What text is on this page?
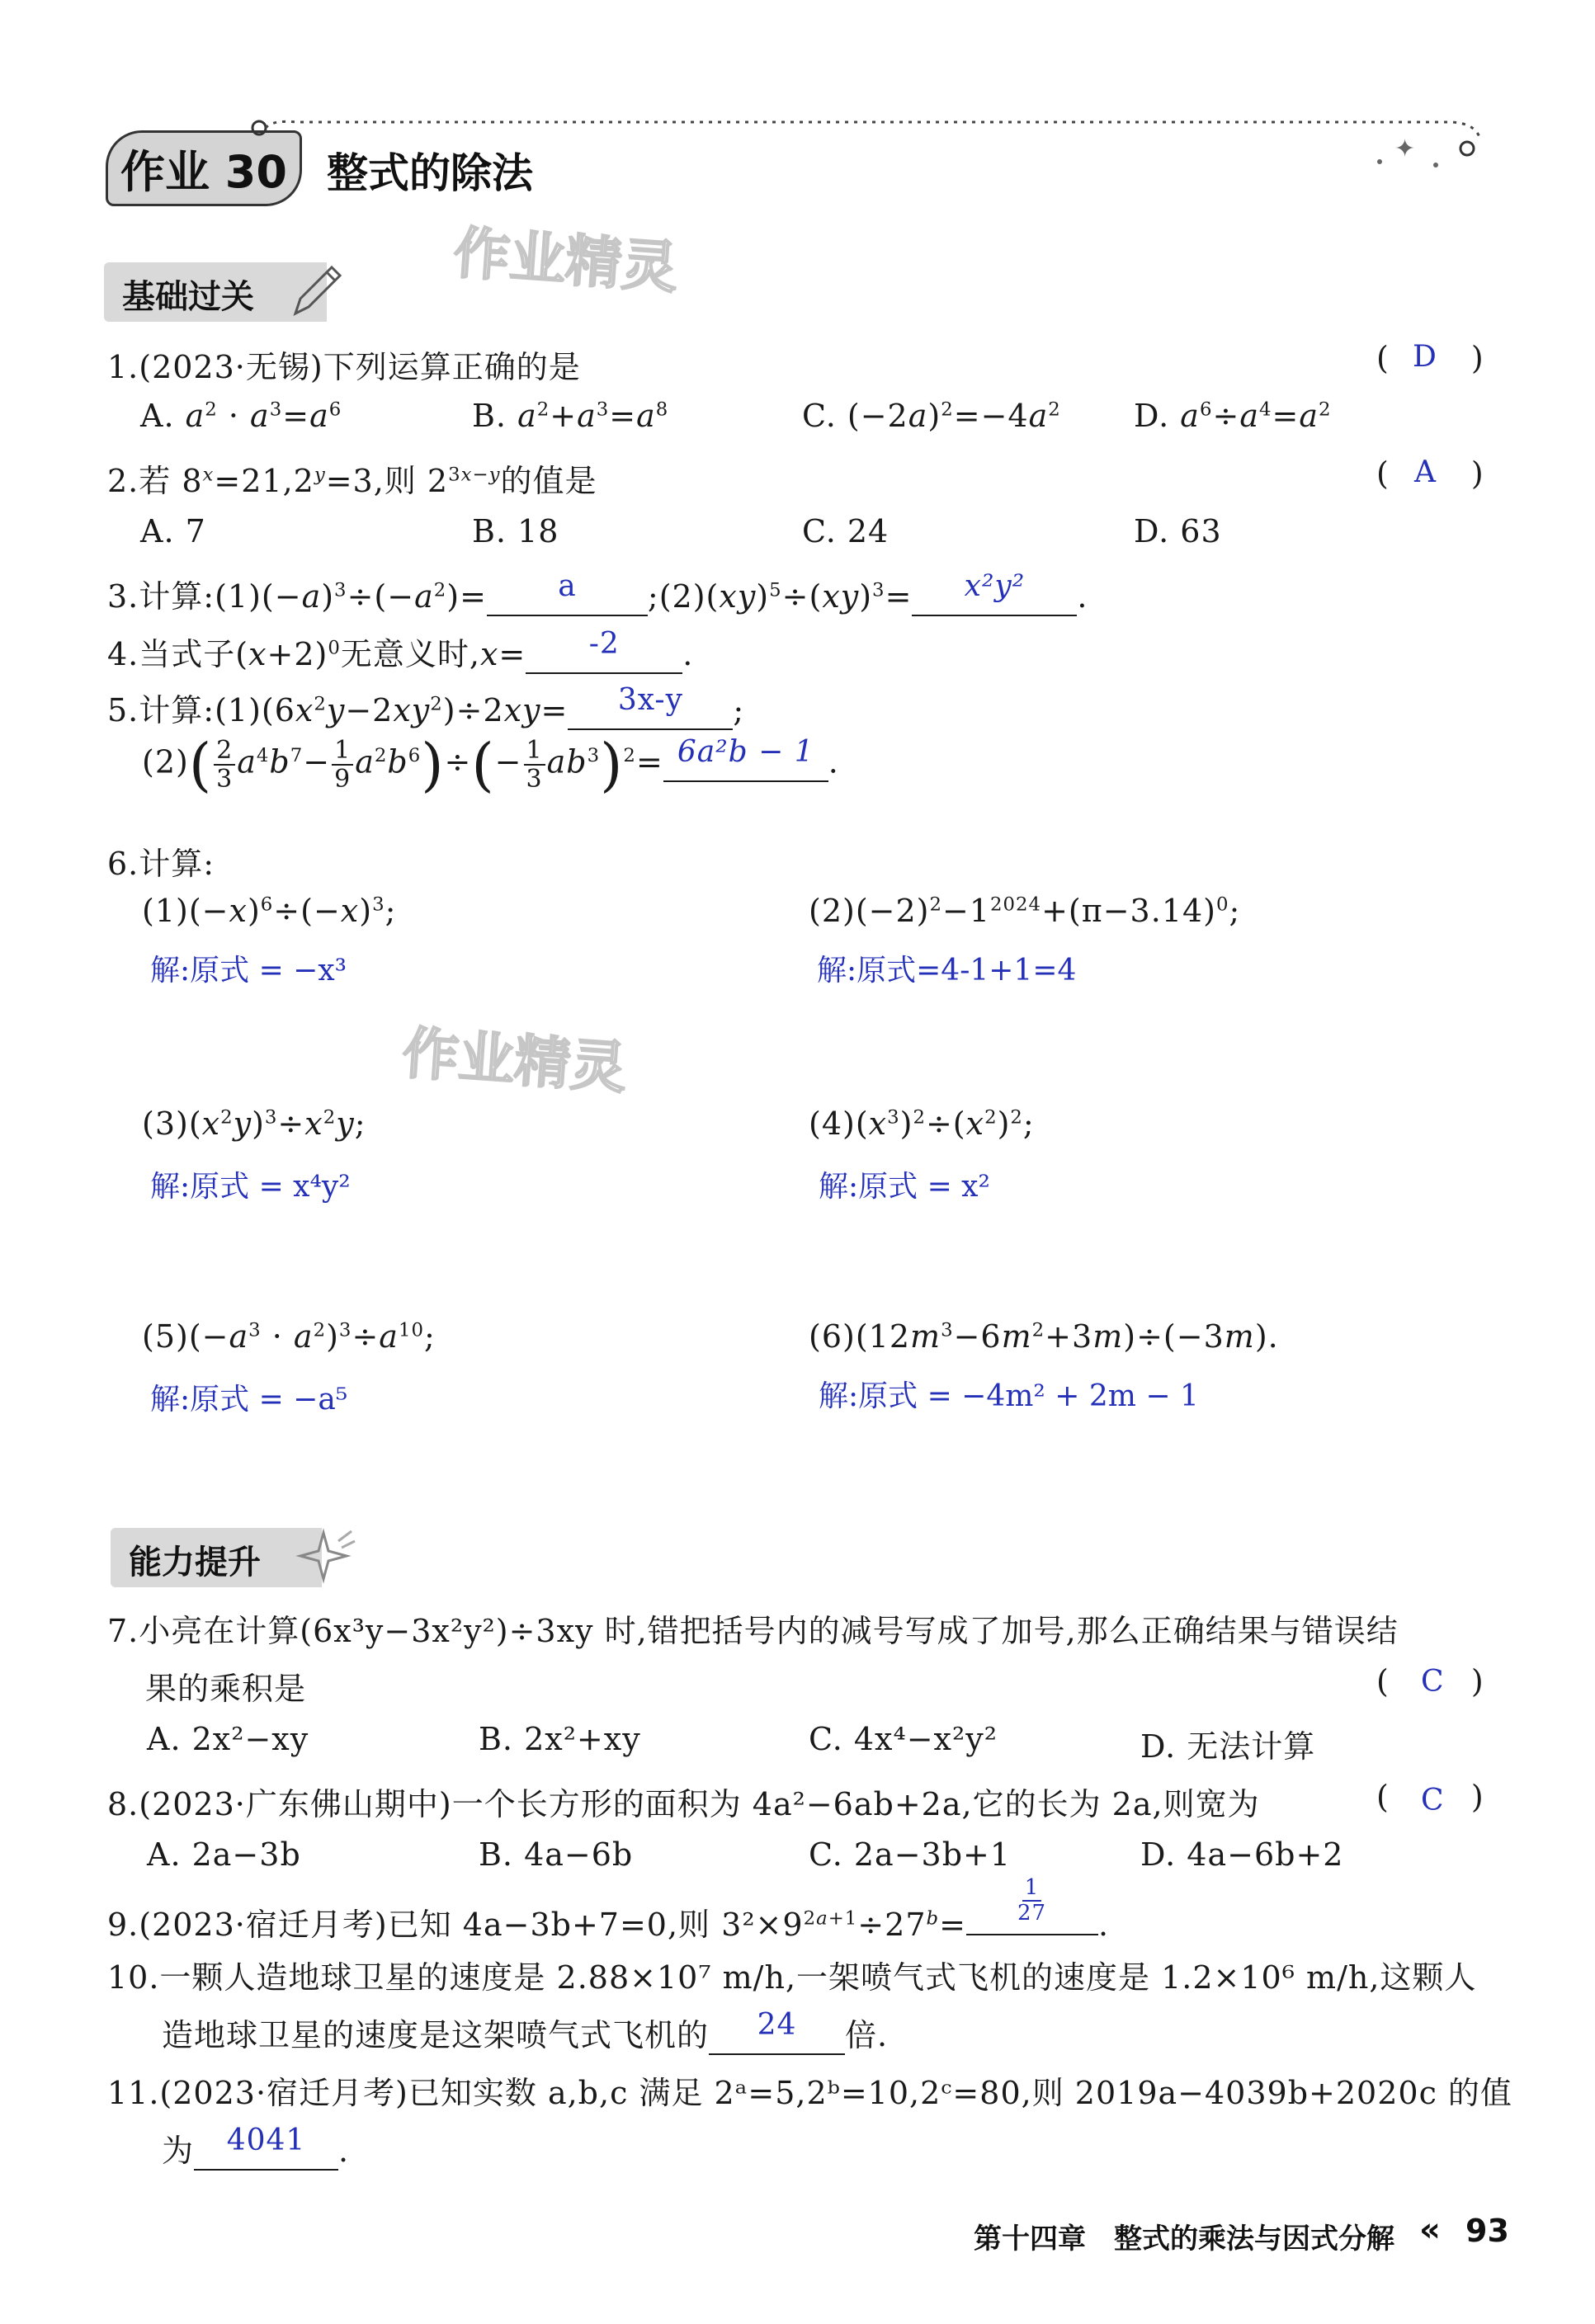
作业 30 整式的除法
✦
作业精灵
作业精灵
基础过关
1.(2023·无锡)下列运算正确的是	(	)
D
A. $a^2 \cdot a^3=a^6$	B. $a^2+a^3=a^8$	C. $(-2a)^2=-4a^2$ D. $a^6\div a^4=a^2$
2.若 $8^x=21,2^y=3$,则 $2^{3x-y}$的值是	(	)
A
A. 7	B. 18	C. 24	D. 63
3.计算$:(1)(-a)^3\div(-a^2)= a$ ;(2)(xy)$^5$÷(xy)$^3$= x²y² .
4.当式子$(x+2)^0$无意义时,x= -2 .
5.计算$:(1)(6x^2y-2xy^2)\div 2xy= 3x-y$ ;
$(2)( \frac{2}{3} a^4b^7- \frac{1}{9} a^2b^6)\div(- \frac{1}{3} ab^3)^2= 6a^2b - 1$ .
6.计算:
$(1)(-x)^6\div(-x)^3$;	$(2)(-2)^2-1^{2024}+(\pi-3.14)^0$;
解:原式 = −x³	解:原式=4-1+1=4
$(3)(x^2y)^3\div x^2y$;	$(4)(x^3)^2\div(x^2)^2$;
解:原式 = x⁴y²	解:原式 = x²
$(5)(-a^3 \cdot a^2)^3\div a^{10}$;	$(6)(12m^3-6m^2+3m)\div(-3m)$.
解:原式 = −a⁵	解:原式 = −4m² + 2m − 1
能力提升
7.小亮在计算(6x³y−3x²y²)÷3xy 时,错把括号内的减号写成了加号,那么正确结果与错误结
果的乘积是	(	)
C
A. 2x²−xy	B. 2x²+xy	C. 4x⁴−x²y²	D. 无法计算
8.(2023·广东佛山期中)一个长方形的面积为 4a²−6ab+2a,它的长为 2a,则宽为	(	)
C
A. 2a−3b	B. 4a−6b	C. 2a−3b+1	D. 4a−6b+2
9.(2023·宿迁月考)已知 4a−3b+7=0,则 $3^2\times 9^{2a+1}\div 27^b= \frac{1}{27}$ .
10.一颗人造地球卫星的速度是 2.88×10⁷ m/h,一架喷气式飞机的速度是 1.2×10⁶ m/h,这颗人
造地球卫星的速度是这架喷气式飞机的 24 倍.
11.(2023·宿迁月考)已知实数 a,b,c 满足 2ᵃ=5,2ᵇ=10,2ᶜ=80,则 2019a−4039b+2020c 的值
为 4041 .
第十四章　整式的乘法与因式分解 « 93
